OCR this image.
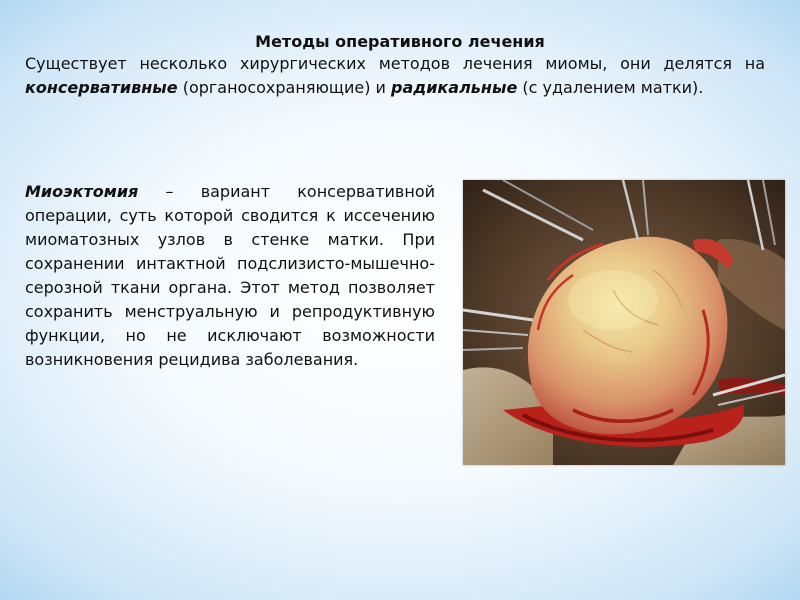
Методы оперативного лечения
Существует несколько хирургических методов лечения миомы, они делятся на консервативные (органосохраняющие) и радикальные (с удалением матки).
Миоэктомия – вариант консервативной операции, суть которой сводится к иссечению миоматозных узлов в стенке матки. При сохранении интактной подслизисто-мышечно-серозной ткани органа. Этот метод позволяет сохранить менструальную и репродуктивную функции, но не исключают возможности возникновения рецидива заболевания.
